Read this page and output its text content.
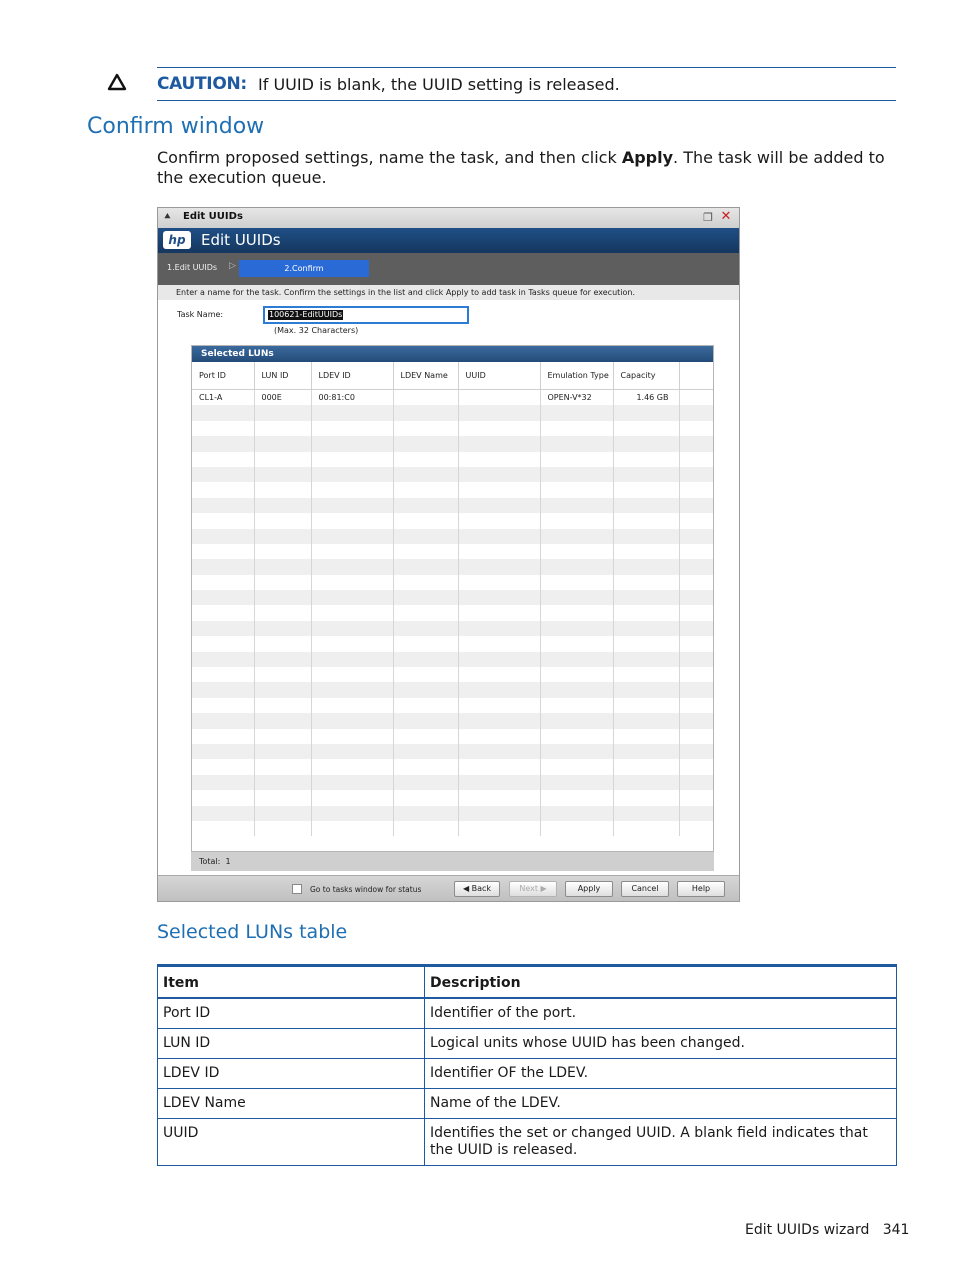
CAUTION: If UUID is blank, the UUID setting is released.
Confirm window
Confirm proposed settings, name the task, and then click Apply. The task will be added to the execution queue.
⯅ Edit UUIDs	❐ ✕
hp	Edit UUIDs
1.Edit UUIDs ▷	2.Confirm
Enter a name for the task. Confirm the settings in the list and click Apply to add task in Tasks queue for execution.
Task Name:	100621-EditUUIDs
(Max. 32 Characters)
Selected LUNs
Port ID	LUN ID	LDEV ID	LDEV Name	UUID	Emulation Type	Capacity	
CL1-A	000E	00:81:C0			OPEN-V*32	1.46 GB	

Total: 1
Go to tasks window for status	◀ Back	Next ▶	Apply	Cancel	Help
Selected LUNs table
Item	Description
Port ID	Identifier of the port.
LUN ID	Logical units whose UUID has been changed.
LDEV ID	Identifier OF the LDEV.
LDEV Name	Name of the LDEV.
UUID	Identifies the set or changed UUID. A blank field indicates that the UUID is released.
Edit UUIDs wizard 341
